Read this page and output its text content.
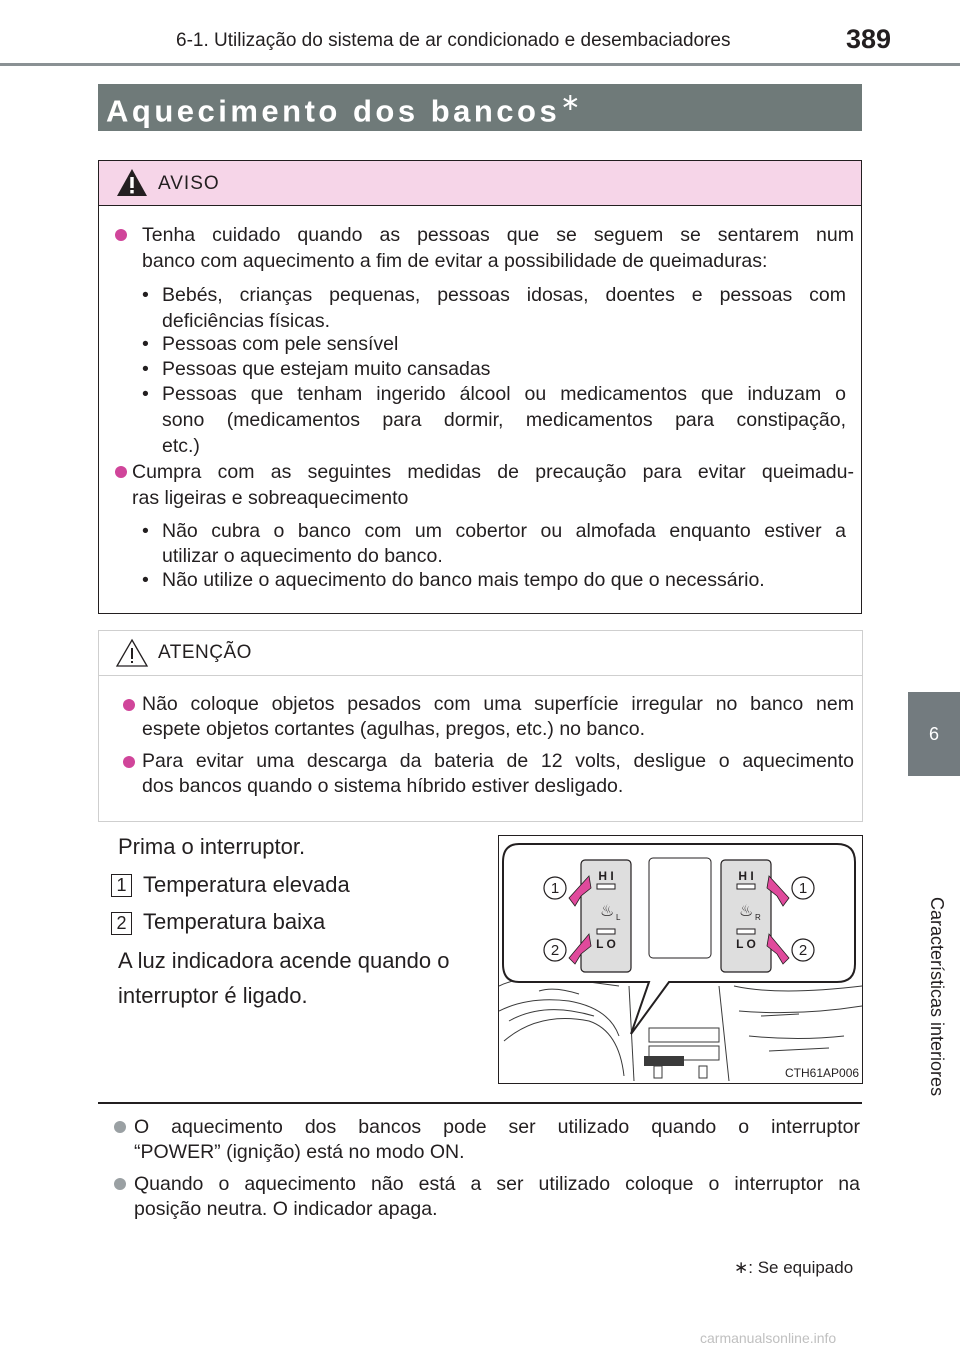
6-1. Utilização do sistema de ar condicionado e desembaciadores	389
6
Características interiores
Aquecimento dos bancos∗
AVISO
Tenha cuidado quando as pessoas que se seguem se sentarem num
banco com aquecimento a fim de evitar a possibilidade de queimaduras:
• Bebés, crianças pequenas, pessoas idosas, doentes e pessoas com
deficiências físicas.
• Pessoas com pele sensível
• Pessoas que estejam muito cansadas
• Pessoas que tenham ingerido álcool ou medicamentos que induzam o
sono (medicamentos para dormir, medicamentos para constipação,
etc.)
Cumpra com as seguintes medidas de precaução para evitar queimadu-
ras ligeiras e sobreaquecimento
• Não cubra o banco com um cobertor ou almofada enquanto estiver a
utilizar o aquecimento do banco.
• Não utilize o aquecimento do banco mais tempo do que o necessário.
ATENÇÃO
Não coloque objetos pesados com uma superfície irregular no banco nem
espete objetos cortantes (agulhas, pregos, etc.) no banco.
Para evitar uma descarga da bateria de 12 volts, desligue o aquecimento
dos bancos quando o sistema híbrido estiver desligado.
Prima o interruptor.
1 Temperatura elevada
2 Temperatura baixa
A luz indicadora acende quando o
interruptor é ligado.
H I
♨ L
L O
H I
♨ R
L O
1
2
1
2
CTH61AP006
O aquecimento dos bancos pode ser utilizado quando o interruptor
“POWER” (ignição) está no modo ON.
Quando o aquecimento não está a ser utilizado coloque o interruptor na
posição neutra. O indicador apaga.
∗: Se equipado
carmanualsonline.info
